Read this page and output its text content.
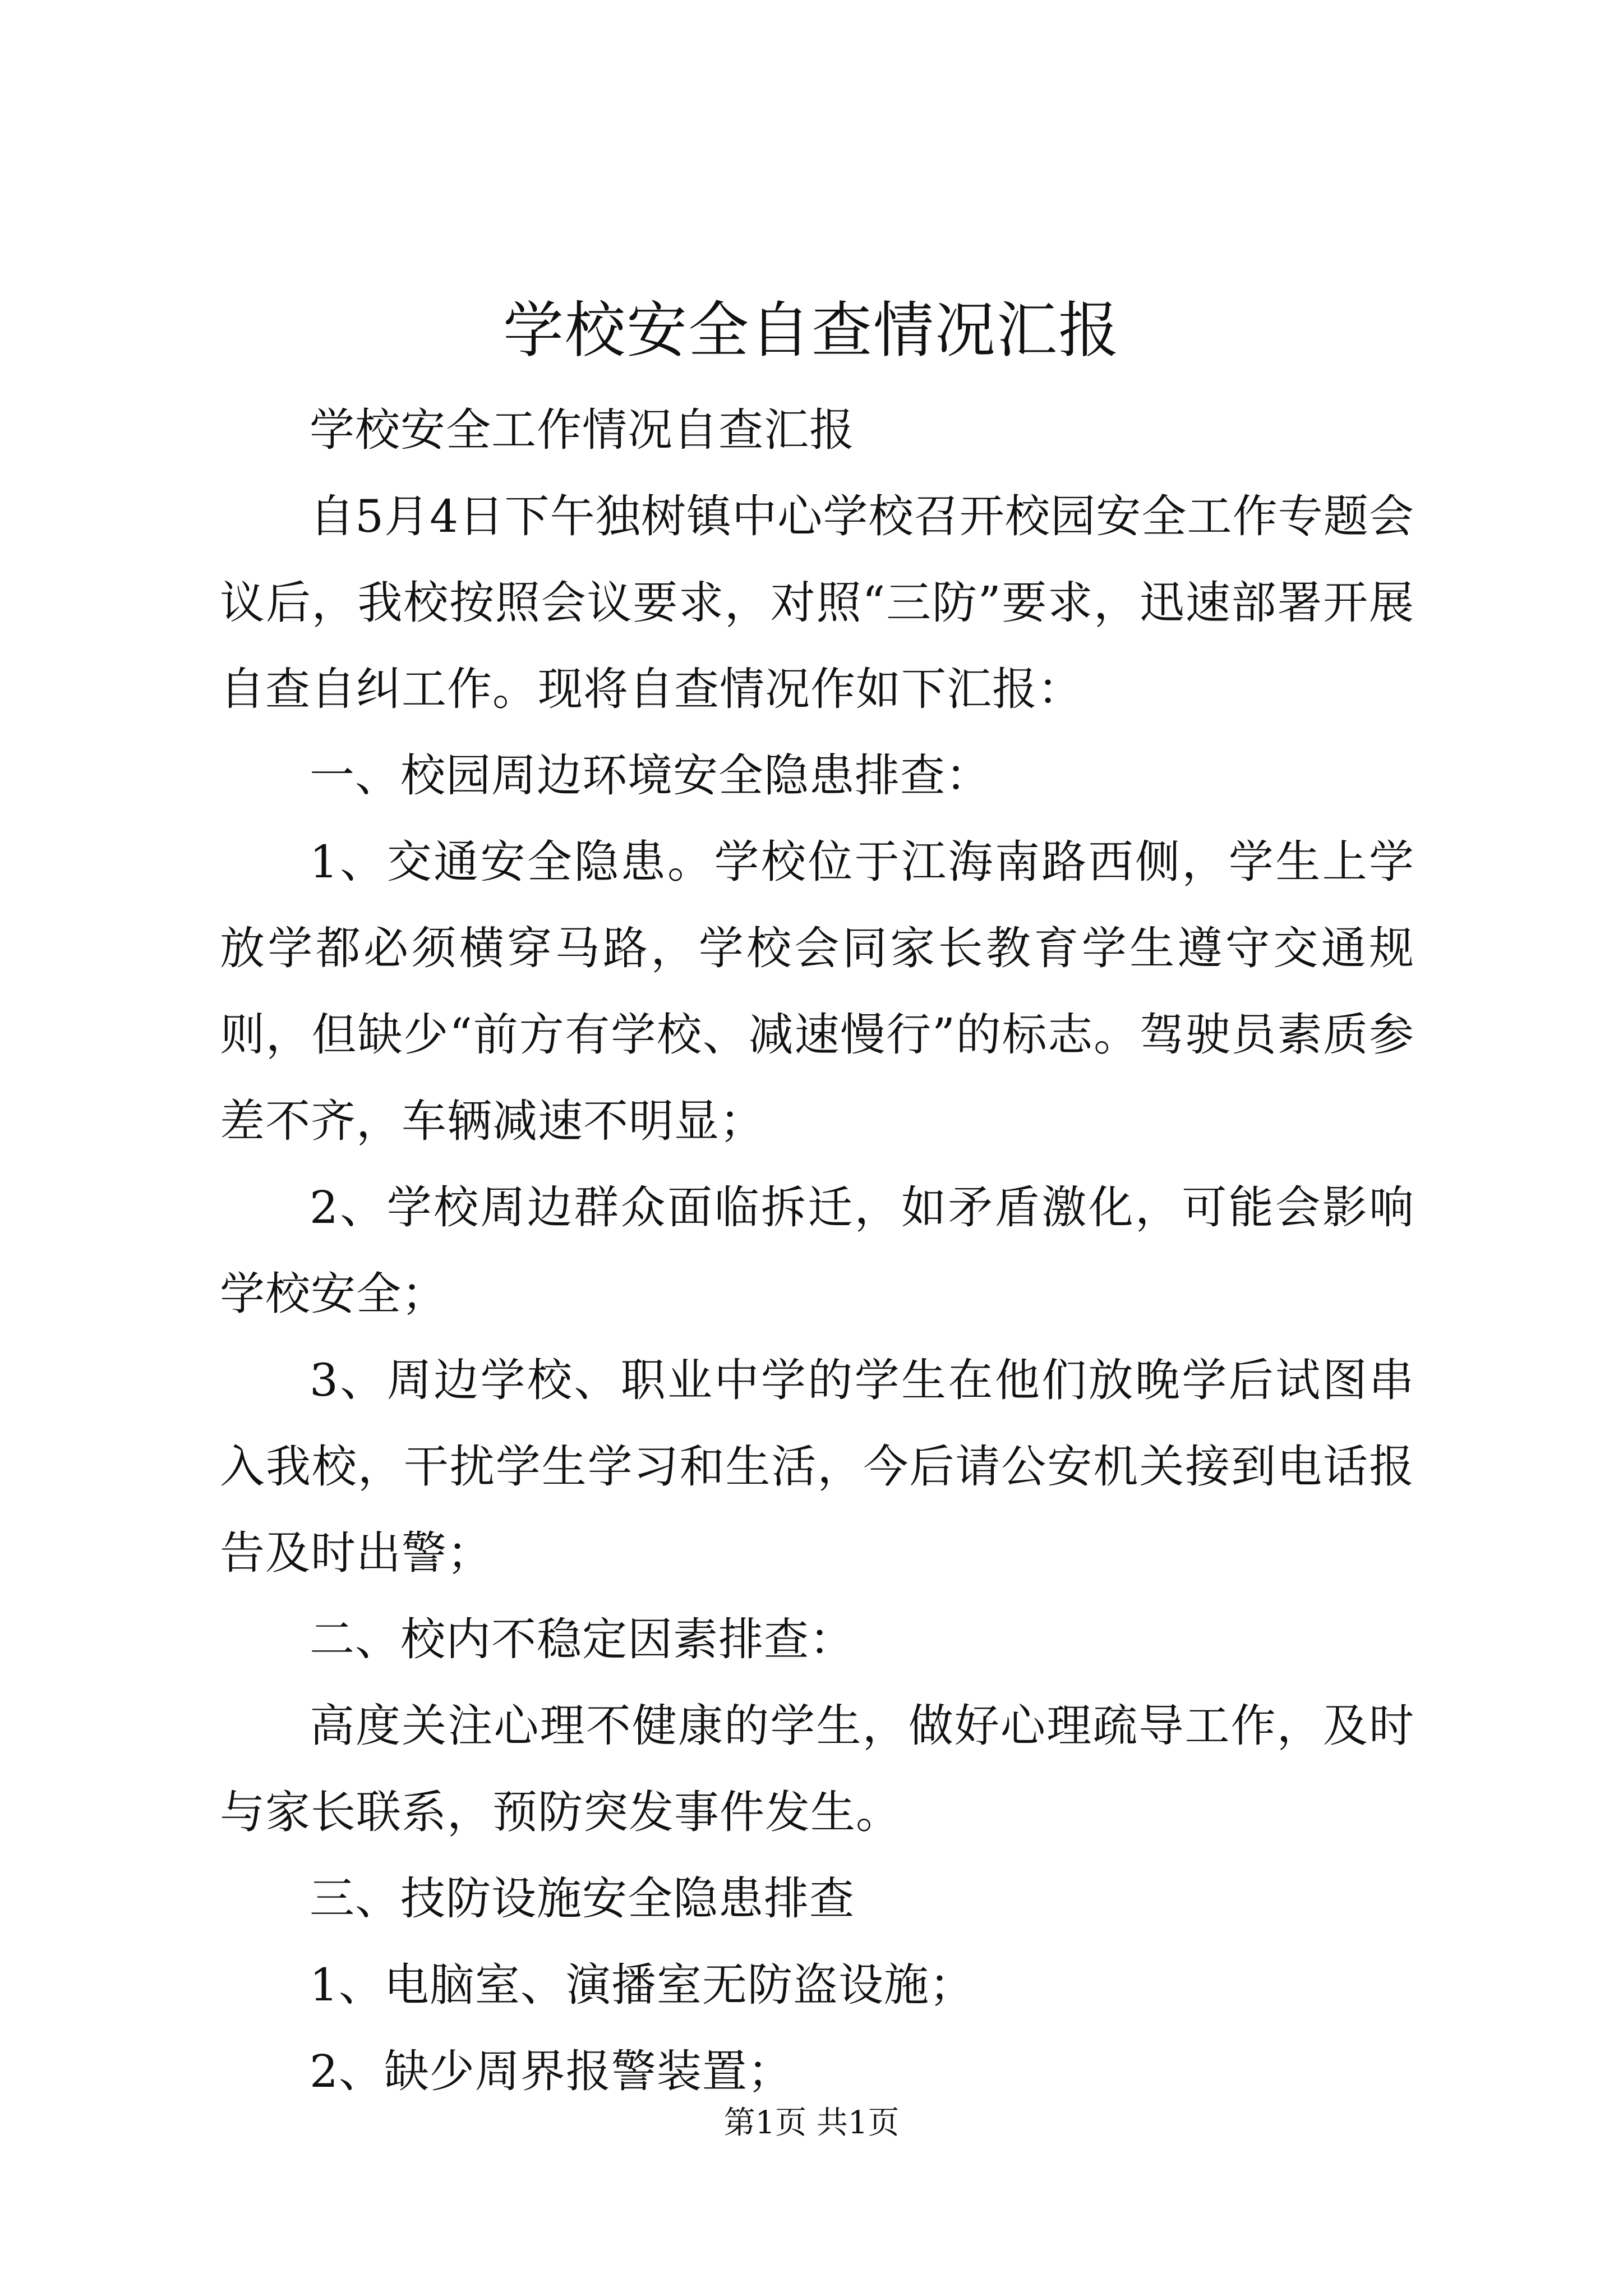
学校安全自查情况汇报

学校安全工作情况自查汇报

自5月4日下午独树镇中心学校召开校园安全工作专题会议后，我校按照会议要求，对照“三防”要求，迅速部署开展自查自纠工作。现将自查情况作如下汇报：

一、校园周边环境安全隐患排查：

1、交通安全隐患。学校位于江海南路西侧，学生上学放学都必须横穿马路，学校会同家长教育学生遵守交通规则，但缺少“前方有学校、减速慢行”的标志。驾驶员素质参差不齐，车辆减速不明显；

2、学校周边群众面临拆迁，如矛盾激化，可能会影响学校安全；

3、周边学校、职业中学的学生在他们放晚学后试图串入我校，干扰学生学习和生活，今后请公安机关接到电话报告及时出警；

二、校内不稳定因素排查：

高度关注心理不健康的学生，做好心理疏导工作，及时与家长联系，预防突发事件发生。

三、技防设施安全隐患排查

1、电脑室、演播室无防盗设施；

2、缺少周界报警装置；

第1页 共1页
